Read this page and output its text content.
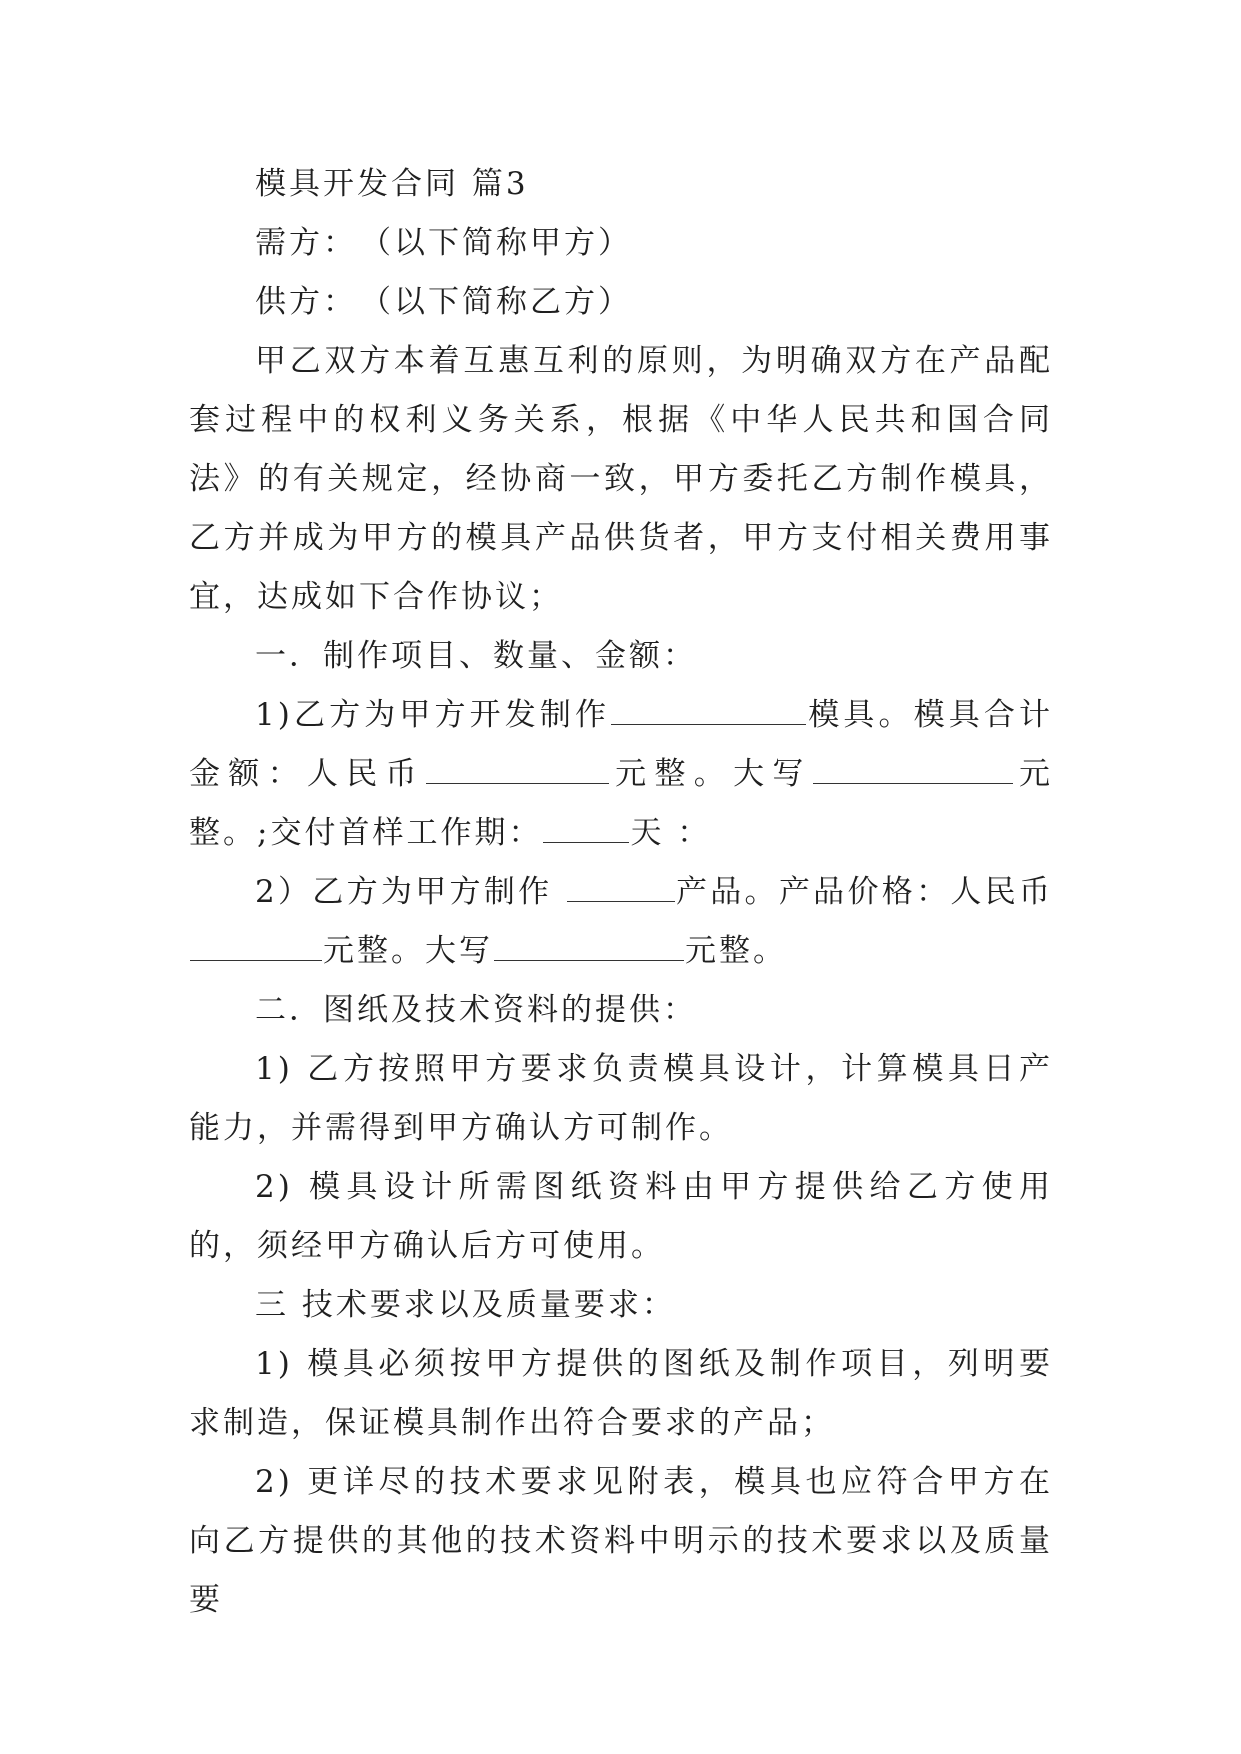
模具开发合同 篇3

需方：　（以下简称甲方）

供方：　（以下简称乙方）

甲乙双方本着互惠互利的原则，为明确双方在产品配套过程中的权利义务关系，根据《中华人民共和国合同法》的有关规定，经协商一致，甲方委托乙方制作模具，乙方并成为甲方的模具产品供货者，甲方支付相关费用事宜，达成如下合作协议；

一．制作项目、数量、金额：

1)乙方为甲方开发制作	模具。模具合计金额：人民币	元整。大写	元整。;交付首样工作期：	天 ：

2）乙方为甲方制作	产品。产品价格：人民币元整。大写	元整。

二．图纸及技术资料的提供：

1) 乙方按照甲方要求负责模具设计，计算模具日产能力，并需得到甲方确认方可制作。

2) 模具设计所需图纸资料由甲方提供给乙方使用的，须经甲方确认后方可使用。

三 技术要求以及质量要求：

1) 模具必须按甲方提供的图纸及制作项目，列明要求制造，保证模具制作出符合要求的产品；

2) 更详尽的技术要求见附表，模具也应符合甲方在向乙方提供的其他的技术资料中明示的技术要求以及质量要
